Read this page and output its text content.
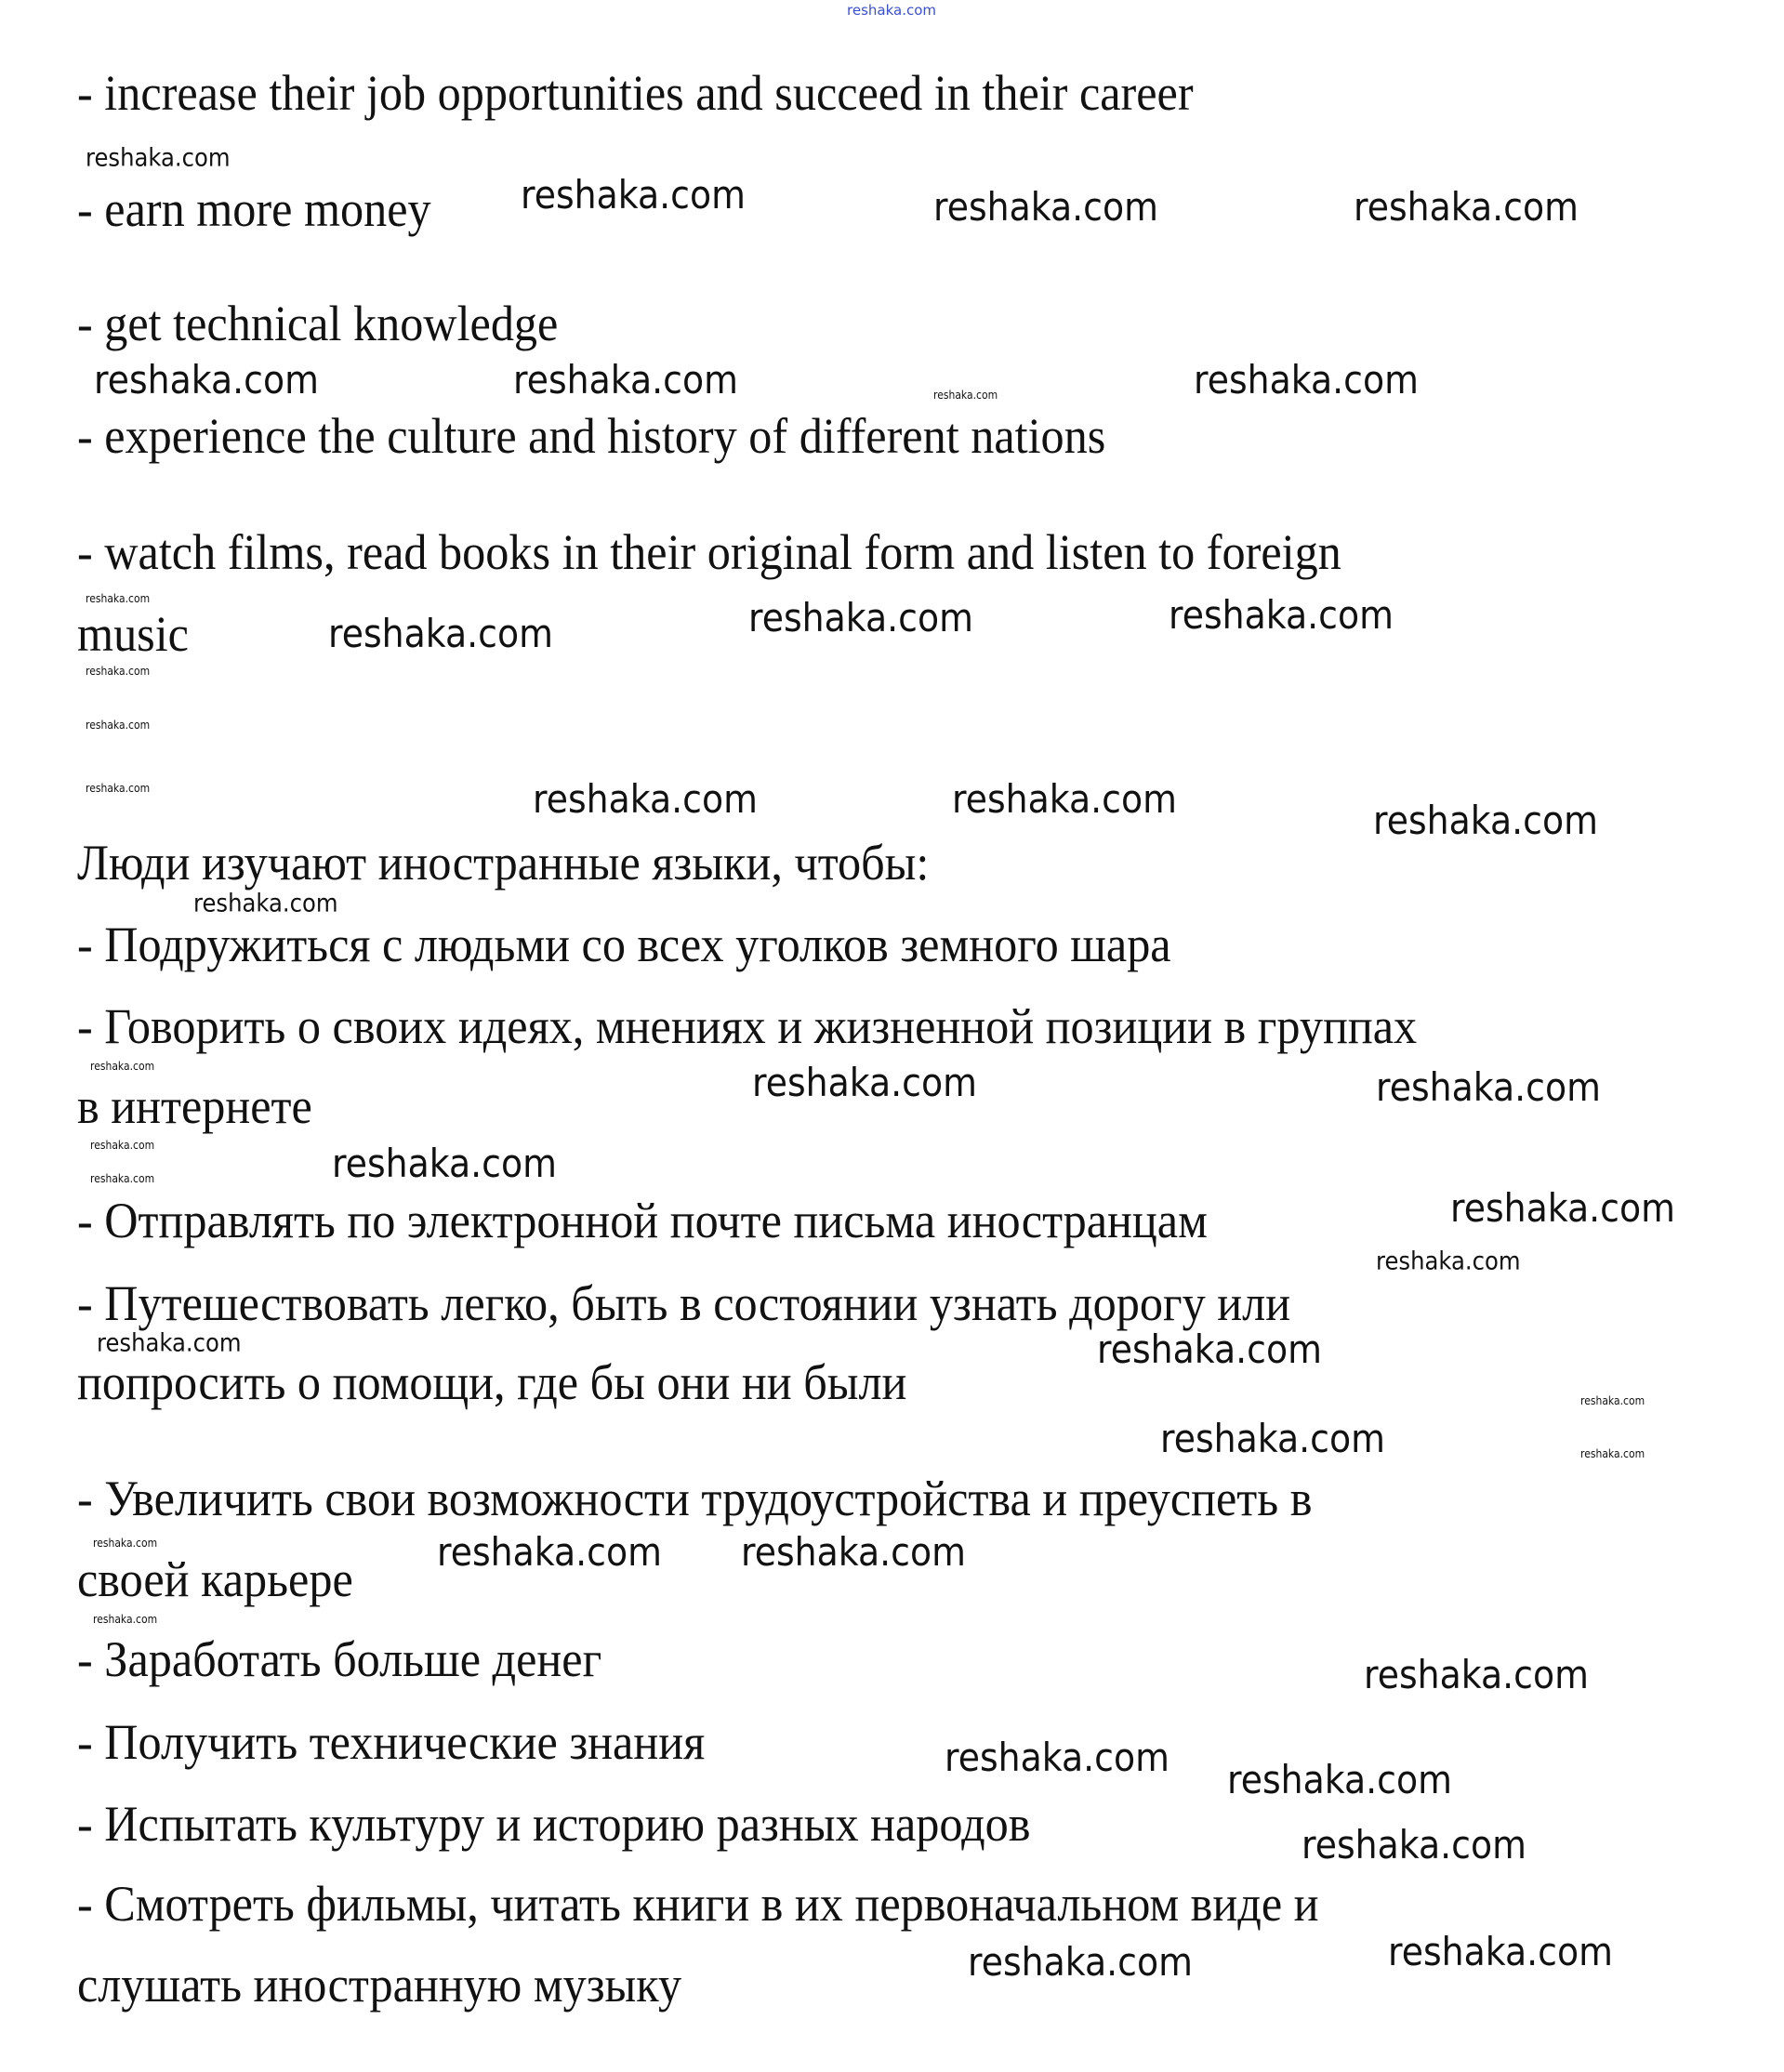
reshaka.com
- increase their job opportunities and succeed in their career
- earn more money
- get technical knowledge
- experience the culture and history of different nations
- watch films, read books in their original form and listen to foreign
music
Люди изучают иностранные языки, чтобы:
- Подружиться с людьми со всех уголков земного шара
- Говорить о своих идеях, мнениях и жизненной позиции в группах
в интернете
- Отправлять по электронной почте письма иностранцам
- Путешествовать легко, быть в состоянии узнать дорогу или
попросить о помощи, где бы они ни были
- Увеличить свои возможности трудоустройства и преуспеть в
своей карьере
- Заработать больше денег
- Получить технические знания
- Испытать культуру и историю разных народов
- Смотреть фильмы, читать книги в их первоначальном виде и
слушать иностранную музыку
reshaka.com	reshaka.com	reshaka.com
reshaka.com	reshaka.com	reshaka.com
reshaka.com	reshaka.com	reshaka.com
reshaka.com	reshaka.com	reshaka.com
reshaka.com	reshaka.com
reshaka.com
reshaka.com
reshaka.com
reshaka.com
reshaka.com reshaka.com
reshaka.com
reshaka.com reshaka.com
reshaka.com
reshaka.com	reshaka.com
reshaka.com
reshaka.com
reshaka.com
reshaka.com
reshaka.com
reshaka.com
reshaka.com
reshaka.com
reshaka.com
reshaka.com
reshaka.com
reshaka.com
reshaka.com
reshaka.com
reshaka.com
reshaka.com
